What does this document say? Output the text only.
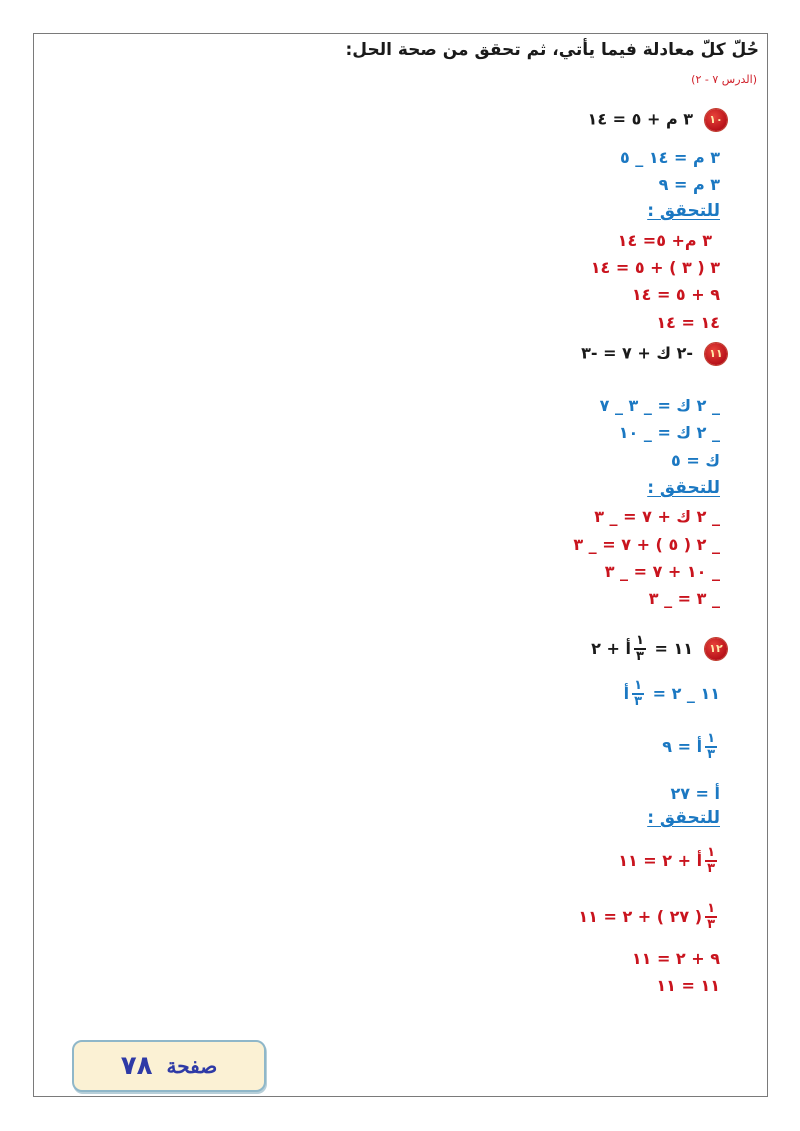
حُلّ كلّ معادلة فيما يأتي، ثم تحقق من صحة الحل:
(الدرس ٧ - ٢)
١٠٣ م + ٥ = ١٤
٣ م = ١٤ _ ٥
٣ م = ٩
للتحقق :
٣ م+ ٥= ١٤
٣ ( ٣ ) + ٥ = ١٤
٩ + ٥ = ١٤
١٤ = ١٤
١١-٢ ك + ٧ = -٣
_ ٢ ك = _ ٣ _ ٧
_ ٢ ك = _ ١٠
ك = ٥
للتحقق :
_ ٢ ك + ٧ = _ ٣
_ ٢ ( ٥ ) + ٧ = _ ٣
_ ١٠ + ٧ = _ ٣
_ ٣ = _ ٣
١٢١١ =
$\frac{١}{٣}$
أ + ٢
١١ _ ٢ =
$\frac{١}{٣}$
أ
$\frac{١}{٣}$
أ = ٩
أ = ٢٧
للتحقق :
$\frac{١}{٣}$
أ + ٢ = ١١
$\frac{١}{٣}$
( ٢٧ ) + ٢ = ١١
٩ + ٢ = ١١
١١ = ١١
صفحة
٧٨
